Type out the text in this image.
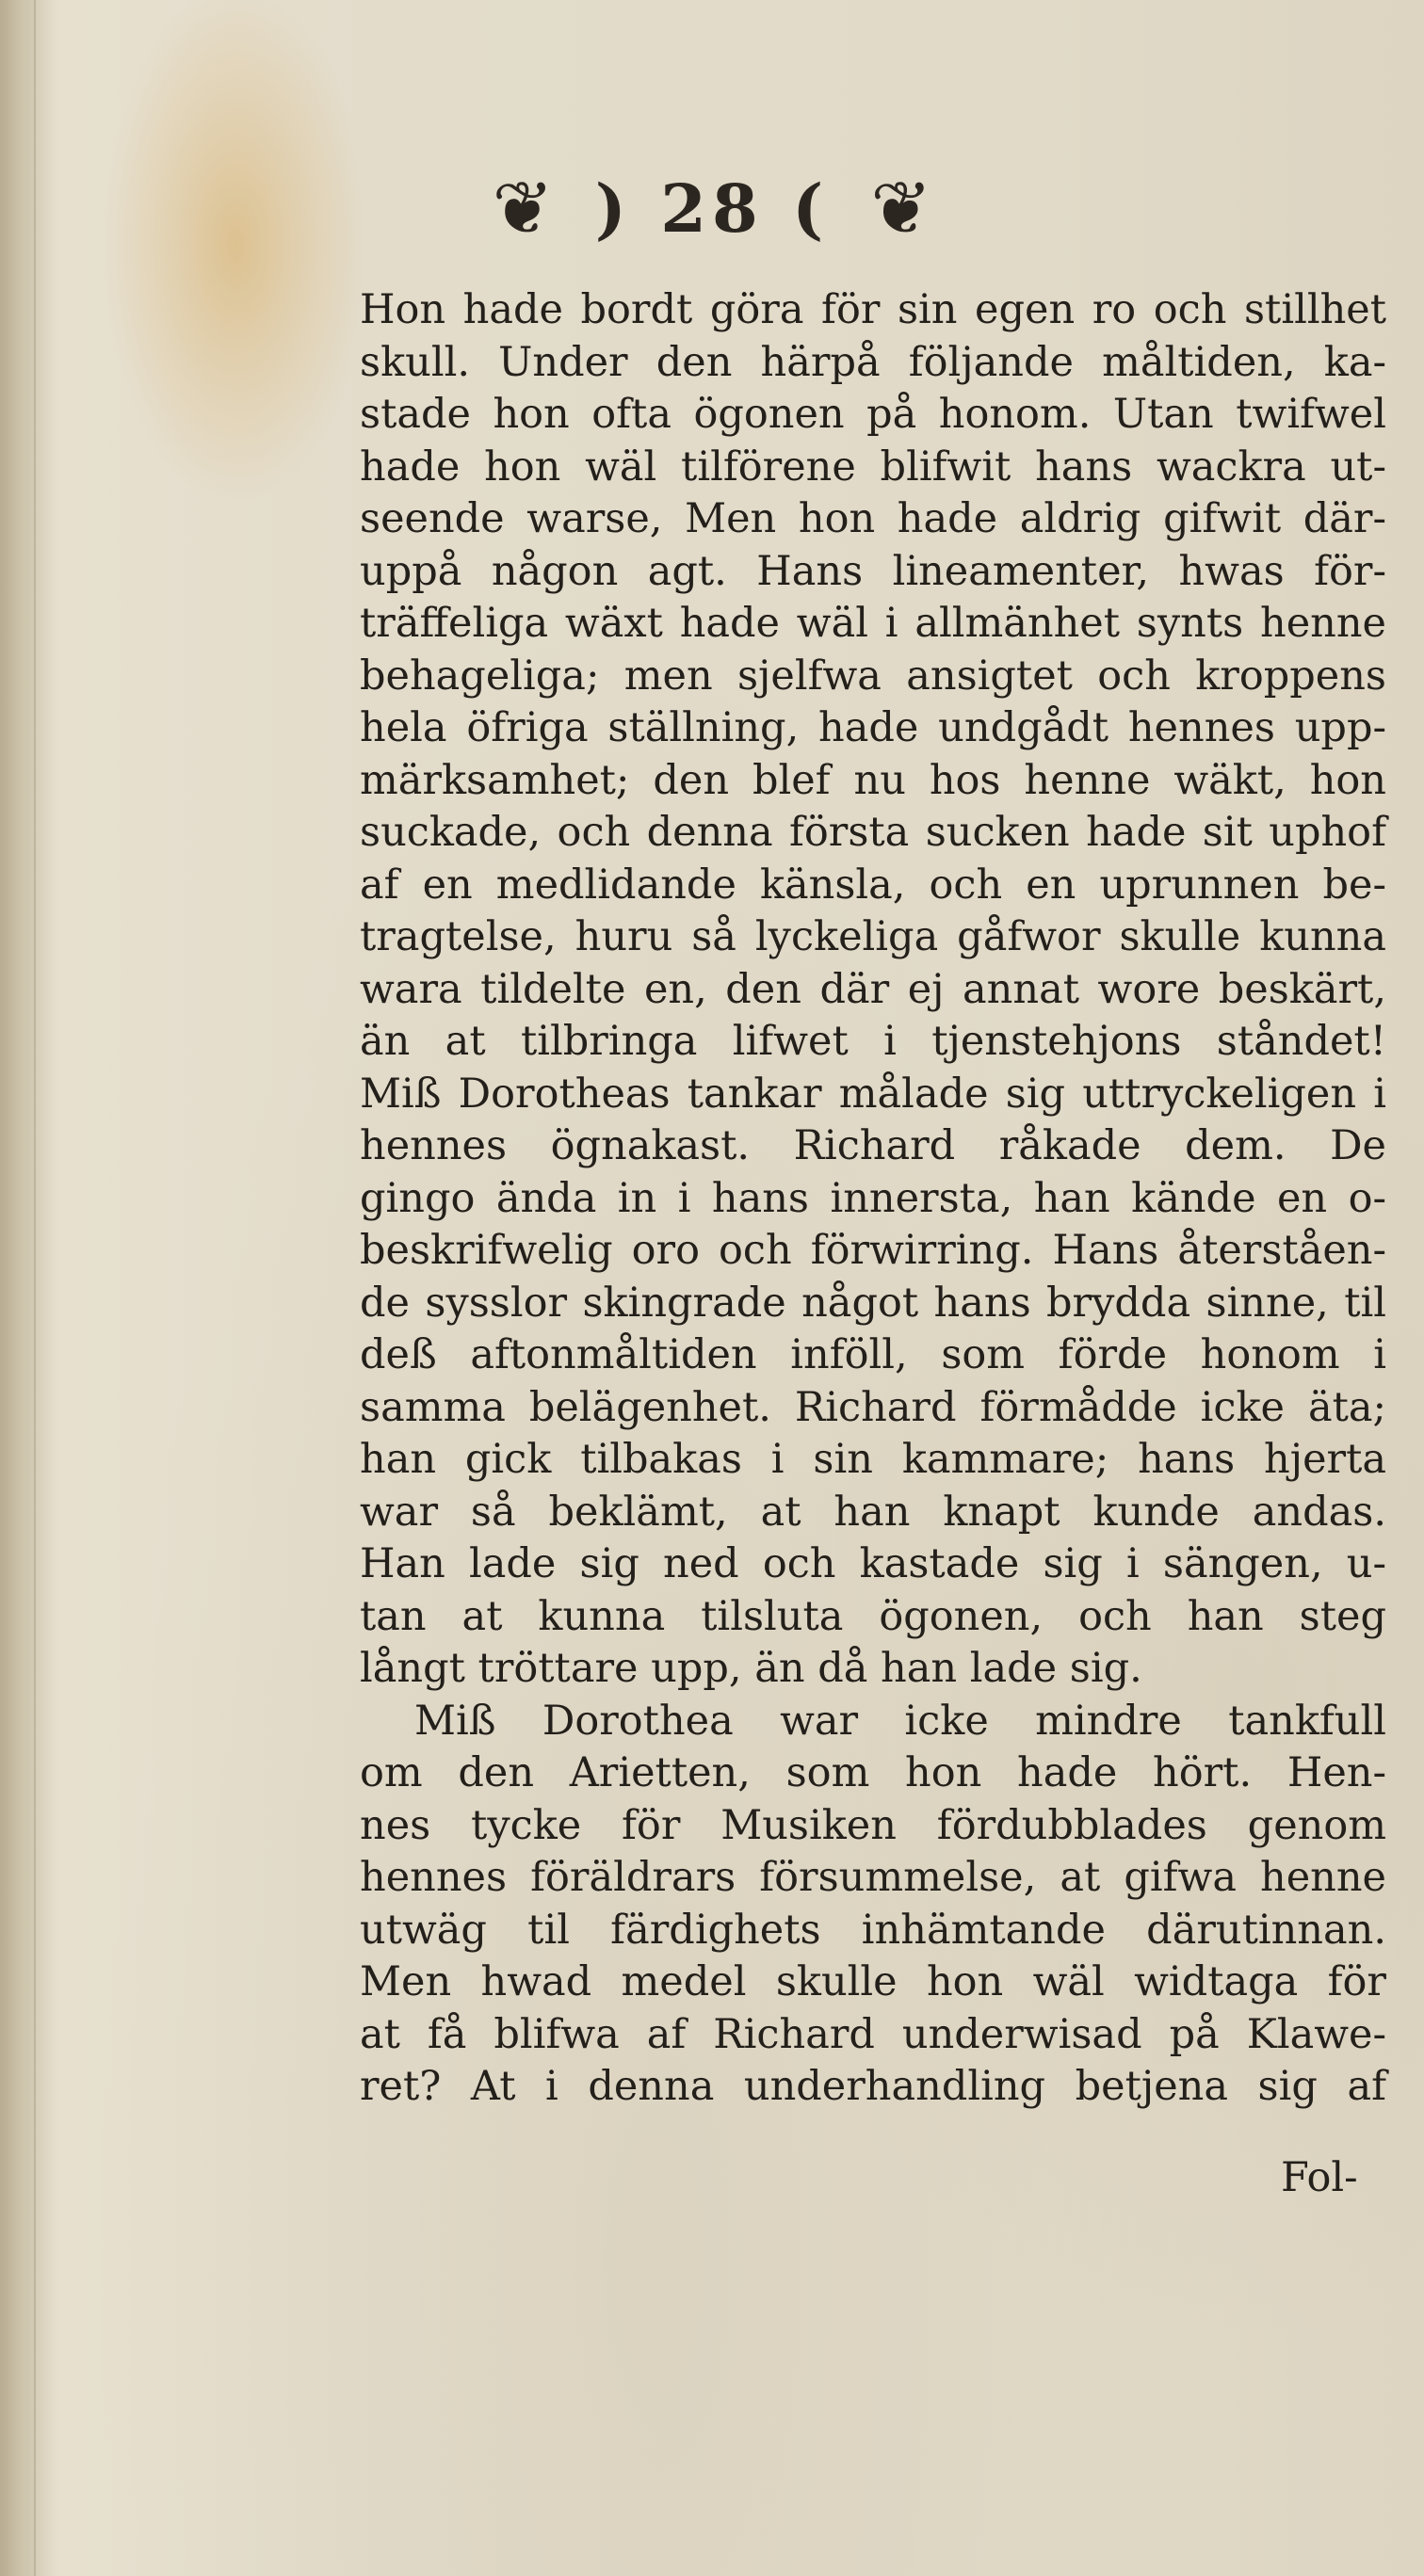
❦ ) 28 ( ❦
Hon hade bordt göra för sin egen ro och stillhet
skull. Under den härpå följande måltiden, ka-
stade hon ofta ögonen på honom. Utan twifwel
hade hon wäl tilförene blifwit hans wackra ut-
seende warse, Men hon hade aldrig gifwit där-
uppå någon agt. Hans lineamenter, hwas för-
träffeliga wäxt hade wäl i allmänhet synts henne
behageliga; men sjelfwa ansigtet och kroppens
hela öfriga ställning, hade undgådt hennes upp-
märksamhet; den blef nu hos henne wäkt, hon
suckade, och denna första sucken hade sit uphof
af en medlidande känsla, och en uprunnen be-
tragtelse, huru så lyckeliga gåfwor skulle kunna
wara tildelte en, den där ej annat wore beskärt,
än at tilbringa lifwet i tjenstehjons ståndet!
Miß Dorotheas tankar målade sig uttryckeligen i
hennes ögnakast. Richard råkade dem. De
gingo ända in i hans innersta, han kände en o-
beskrifwelig oro och förwirring. Hans återståen-
de sysslor skingrade något hans brydda sinne, til
deß aftonmåltiden inföll, som förde honom i
samma belägenhet. Richard förmådde icke äta;
han gick tilbakas i sin kammare; hans hjerta
war så beklämt, at han knapt kunde andas.
Han lade sig ned och kastade sig i sängen, u-
tan at kunna tilsluta ögonen, och han steg
långt tröttare upp, än då han lade sig.
Miß Dorothea war icke mindre tankfull
om den Arietten, som hon hade hört. Hen-
nes tycke för Musiken fördubblades genom
hennes föräldrars försummelse, at gifwa henne
utwäg til färdighets inhämtande därutinnan.
Men hwad medel skulle hon wäl widtaga för
at få blifwa af Richard underwisad på Klawe-
ret? At i denna underhandling betjena sig af
Fol-
